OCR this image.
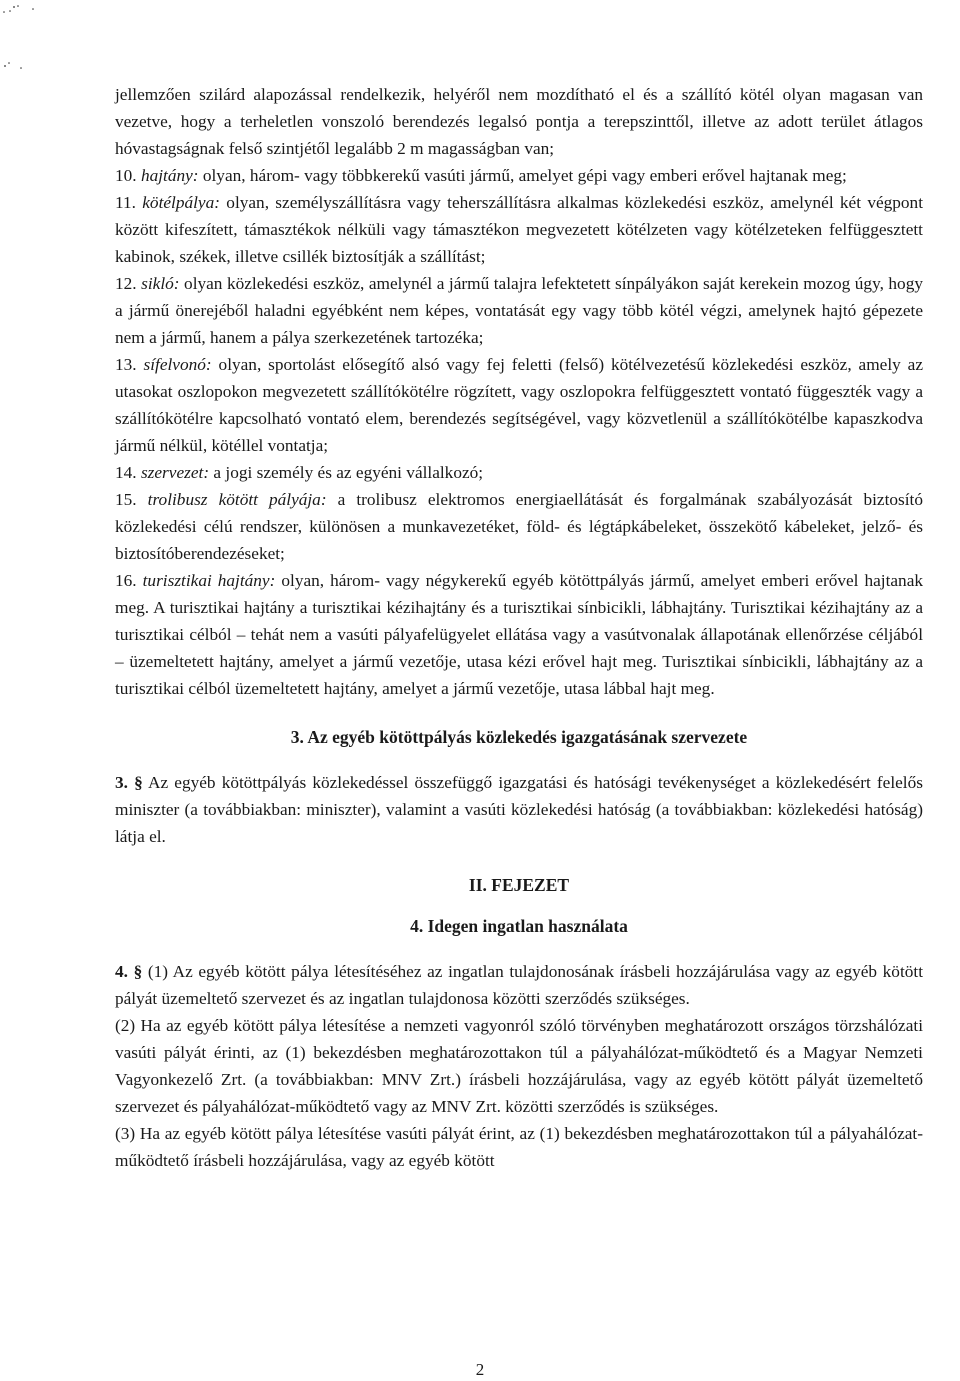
jellemzően szilárd alapozással rendelkezik, helyéről nem mozdítható el és a szállító kötél olyan magasan van vezetve, hogy a terheletlen vonszoló berendezés legalsó pontja a terepszinttől, illetve az adott terület átlagos hóvastagságnak felső szintjétől legalább 2 m magasságban van;

10. hajtány: olyan, három- vagy többkerekű vasúti jármű, amelyet gépi vagy emberi erővel hajtanak meg;

11. kötélpálya: olyan, személyszállításra vagy teherszállításra alkalmas közlekedési eszköz, amelynél két végpont között kifeszített, támasztékok nélküli vagy támasztékon megvezetett kötélzeten vagy kötélzeteken felfüggesztett kabinok, székek, illetve csillék biztosítják a szállítást;

12. sikló: olyan közlekedési eszköz, amelynél a jármű talajra lefektetett sínpályákon saját kerekein mozog úgy, hogy a jármű önerejéből haladni egyébként nem képes, vontatását egy vagy több kötél végzi, amelynek hajtó gépezete nem a jármű, hanem a pálya szerkezetének tartozéka;

13. sífelvonó: olyan, sportolást elősegítő alsó vagy fej feletti (felső) kötélvezetésű közlekedési eszköz, amely az utasokat oszlopokon megvezetett szállítókötélre rögzített, vagy oszlopokra felfüggesztett vontató függeszték vagy a szállítókötélre kapcsolható vontató elem, berendezés segítségével, vagy közvetlenül a szállítókötélbe kapaszkodva jármű nélkül, kötéllel vontatja;

14. szervezet: a jogi személy és az egyéni vállalkozó;

15. trolibusz kötött pályája: a trolibusz elektromos energiaellátását és forgalmának szabályozását biztosító közlekedési célú rendszer, különösen a munkavezetéket, föld- és légtápkábeleket, összekötő kábeleket, jelző- és biztosítóberendezéseket;

16. turisztikai hajtány: olyan, három- vagy négykerekű egyéb kötöttpályás jármű, amelyet emberi erővel hajtanak meg. A turisztikai hajtány a turisztikai kézihajtány és a turisztikai sínbicikli, lábhajtány. Turisztikai kézihajtány az a turisztikai célból – tehát nem a vasúti pályafelügyelet ellátása vagy a vasútvonalak állapotának ellenőrzése céljából – üzemeltetett hajtány, amelyet a jármű vezetője, utasa kézi erővel hajt meg. Turisztikai sínbicikli, lábhajtány az a turisztikai célból üzemeltetett hajtány, amelyet a jármű vezetője, utasa lábbal hajt meg.

3. Az egyéb kötöttpályás közlekedés igazgatásának szervezete

3. § Az egyéb kötöttpályás közlekedéssel összefüggő igazgatási és hatósági tevékenységet a közlekedésért felelős miniszter (a továbbiakban: miniszter), valamint a vasúti közlekedési hatóság (a továbbiakban: közlekedési hatóság) látja el.

II. FEJEZET
4. Idegen ingatlan használata

4. § (1) Az egyéb kötött pálya létesítéséhez az ingatlan tulajdonosának írásbeli hozzájárulása vagy az egyéb kötött pályát üzemeltető szervezet és az ingatlan tulajdonosa közötti szerződés szükséges.

(2) Ha az egyéb kötött pálya létesítése a nemzeti vagyonról szóló törvényben meghatározott országos törzshálózati vasúti pályát érinti, az (1) bekezdésben meghatározottakon túl a pályahálózat-működtető és a Magyar Nemzeti Vagyonkezelő Zrt. (a továbbiakban: MNV Zrt.) írásbeli hozzájárulása, vagy az egyéb kötött pályát üzemeltető szervezet és pályahálózat-működtető vagy az MNV Zrt. közötti szerződés is szükséges.

(3) Ha az egyéb kötött pálya létesítése vasúti pályát érint, az (1) bekezdésben meghatározottakon túl a pályahálózat-működtető írásbeli hozzájárulása, vagy az egyéb kötött

2
